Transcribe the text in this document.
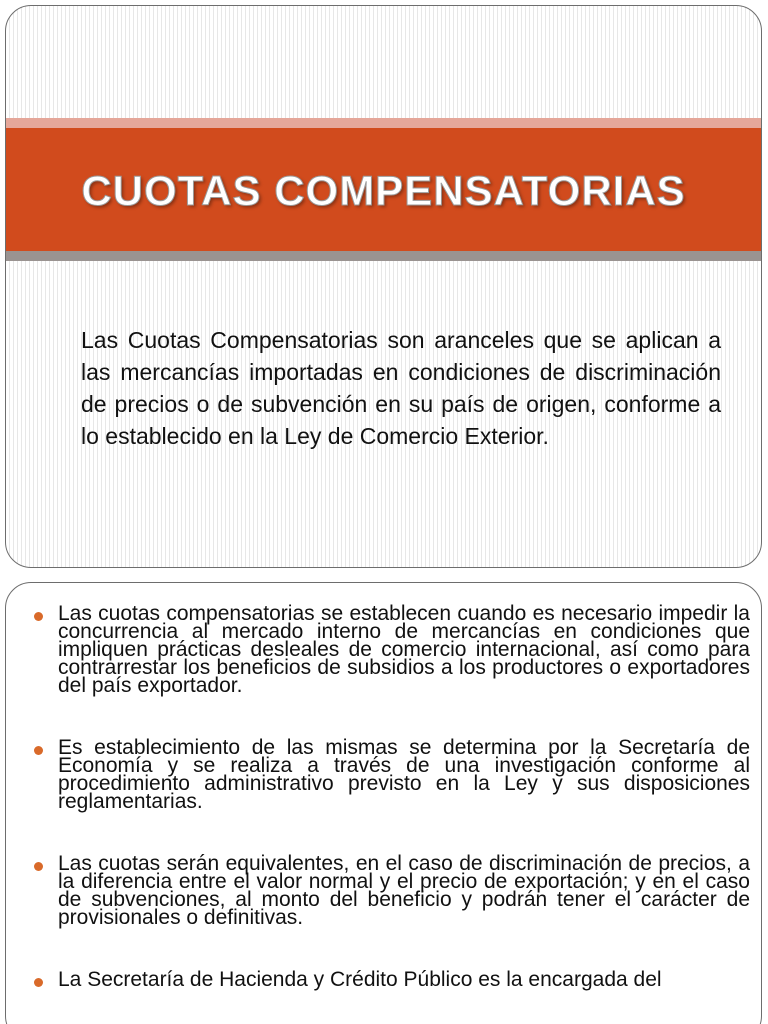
CUOTAS COMPENSATORIAS

Las Cuotas Compensatorias son aranceles que se aplican a las mercancías importadas en condiciones de discriminación de precios o de subvención en su país de origen, conforme a lo establecido en la Ley de Comercio Exterior.

Las cuotas compensatorias se establecen cuando es necesario impedir la concurrencia al mercado interno de mercancías en condiciones que impliquen prácticas desleales de comercio internacional, así como para contrarrestar los beneficios de subsidios a los productores o exportadores del país exportador.
Es establecimiento de las mismas se determina por la Secretaría de Economía y se realiza a través de una investigación conforme al procedimiento administrativo previsto en la Ley y sus disposiciones reglamentarias.
Las cuotas serán equivalentes, en el caso de discriminación de precios, a la diferencia entre el valor normal y el precio de exportación; y en el caso de subvenciones, al monto del beneficio y podrán tener el carácter de provisionales o definitivas.
La Secretaría de Hacienda y Crédito Público es la encargada del
